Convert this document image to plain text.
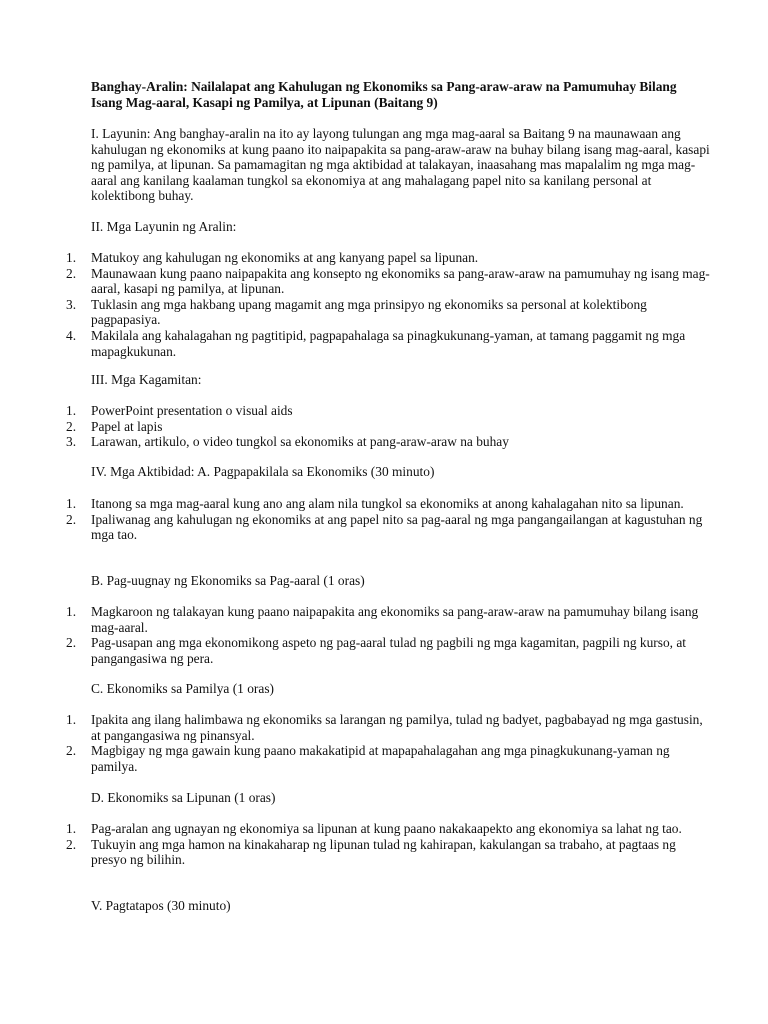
Banghay-Aralin: Nailalapat ang Kahulugan ng Ekonomiks sa Pang-araw-araw na Pamumuhay Bilang Isang Mag-aaral, Kasapi ng Pamilya, at Lipunan (Baitang 9)

I. Layunin: Ang banghay-aralin na ito ay layong tulungan ang mga mag-aaral sa Baitang 9 na maunawaan ang kahulugan ng ekonomiks at kung paano ito naipapakita sa pang-araw-araw na buhay bilang isang mag-aaral, kasapi ng pamilya, at lipunan. Sa pamamagitan ng mga aktibidad at talakayan, inaasahang mas mapalalim ng mga mag-aaral ang kanilang kaalaman tungkol sa ekonomiya at ang mahalagang papel nito sa kanilang personal at kolektibong buhay.

II. Mga Layunin ng Aralin:

1.	Matukoy ang kahulugan ng ekonomiks at ang kanyang papel sa lipunan.
2.	Maunawaan kung paano naipapakita ang konsepto ng ekonomiks sa pang-araw-araw na pamumuhay ng isang mag-aaral, kasapi ng pamilya, at lipunan.
3.	Tuklasin ang mga hakbang upang magamit ang mga prinsipyo ng ekonomiks sa personal at kolektibong pagpapasiya.
4.	Makilala ang kahalagahan ng pagtitipid, pagpapahalaga sa pinagkukunang-yaman, at tamang paggamit ng mga mapagkukunan.

III. Mga Kagamitan:

1.	PowerPoint presentation o visual aids
2.	Papel at lapis
3.	Larawan, artikulo, o video tungkol sa ekonomiks at pang-araw-araw na buhay

IV. Mga Aktibidad: A. Pagpapakilala sa Ekonomiks (30 minuto)

1.	Itanong sa mga mag-aaral kung ano ang alam nila tungkol sa ekonomiks at anong kahalagahan nito sa lipunan.
2.	Ipaliwanag ang kahulugan ng ekonomiks at ang papel nito sa pag-aaral ng mga pangangailangan at kagustuhan ng mga tao.

B. Pag-uugnay ng Ekonomiks sa Pag-aaral (1 oras)

1.	Magkaroon ng talakayan kung paano naipapakita ang ekonomiks sa pang-araw-araw na pamumuhay bilang isang mag-aaral.
2.	Pag-usapan ang mga ekonomikong aspeto ng pag-aaral tulad ng pagbili ng mga kagamitan, pagpili ng kurso, at pangangasiwa ng pera.

C. Ekonomiks sa Pamilya (1 oras)

1.	Ipakita ang ilang halimbawa ng ekonomiks sa larangan ng pamilya, tulad ng badyet, pagbabayad ng mga gastusin, at pangangasiwa ng pinansyal.
2.	Magbigay ng mga gawain kung paano makakatipid at mapapahalagahan ang mga pinagkukunang-yaman ng pamilya.

D. Ekonomiks sa Lipunan (1 oras)

1.	Pag-aralan ang ugnayan ng ekonomiya sa lipunan at kung paano nakakaapekto ang ekonomiya sa lahat ng tao.
2.	Tukuyin ang mga hamon na kinakaharap ng lipunan tulad ng kahirapan, kakulangan sa trabaho, at pagtaas ng presyo ng bilihin.

V. Pagtatapos (30 minuto)
